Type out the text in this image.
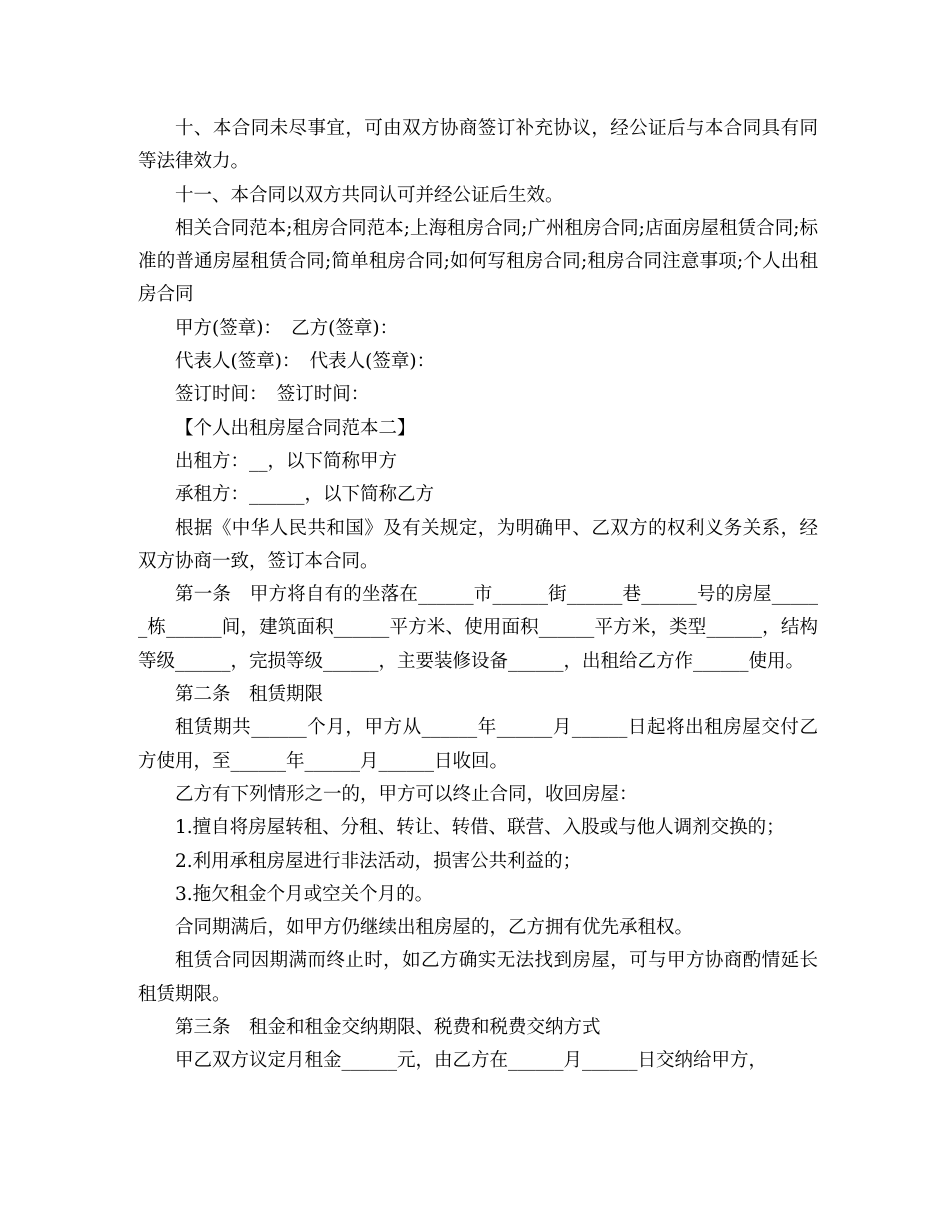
十、本合同未尽事宜，可由双方协商签订补充协议，经公证后与本合同具有同等法律效力。

十一、本合同以双方共同认可并经公证后生效。

相关合同范本;租房合同范本;上海租房合同;广州租房合同;店面房屋租赁合同;标准的普通房屋租赁合同;简单租房合同;如何写租房合同;租房合同注意事项;个人出租房合同

甲方(签章)：　乙方(签章)：

代表人(签章)：　代表人(签章)：

签订时间：　签订时间：

【个人出租房屋合同范本二】

出租方：__，以下简称甲方

承租方：______，以下简称乙方

根据《中华人民共和国》及有关规定，为明确甲、乙双方的权利义务关系，经双方协商一致，签订本合同。

第一条　甲方将自有的坐落在______市______街______巷______号的房屋______栋______间，建筑面积______平方米、使用面积______平方米，类型______，结构等级______，完损等级______，主要装修设备______，出租给乙方作______使用。

第二条　租赁期限

租赁期共______个月，甲方从______年______月______日起将出租房屋交付乙方使用，至______年______月______日收回。

乙方有下列情形之一的，甲方可以终止合同，收回房屋：

1.擅自将房屋转租、分租、转让、转借、联营、入股或与他人调剂交换的；

2.利用承租房屋进行非法活动，损害公共利益的；

3.拖欠租金个月或空关个月的。

合同期满后，如甲方仍继续出租房屋的，乙方拥有优先承租权。

租赁合同因期满而终止时，如乙方确实无法找到房屋，可与甲方协商酌情延长租赁期限。

第三条　租金和租金交纳期限、税费和税费交纳方式

甲乙双方议定月租金______元，由乙方在______月______日交纳给甲方，
